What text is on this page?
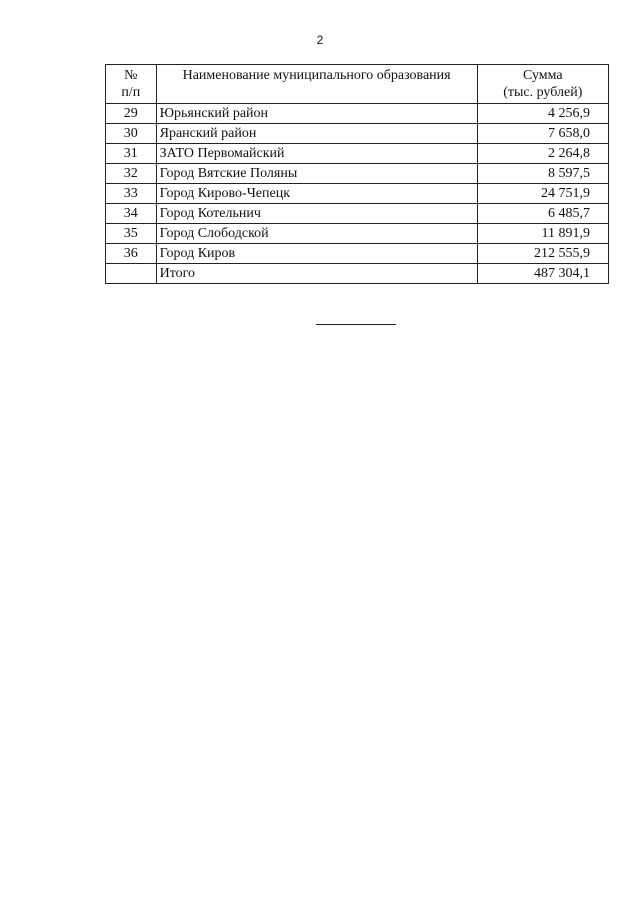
2
№
п/п	Наименование муниципального образования	Сумма
(тыс. рублей)

29	Юрьянский район	4 256,9
30	Яранский район	7 658,0
31	ЗАТО Первомайский	2 264,8
32	Город Вятские Поляны	8 597,5
33	Город Кирово-Чепецк	24 751,9
34	Город Котельнич	6 485,7
35	Город Слободской	11 891,9
36	Город Киров	212 555,9
	Итого	487 304,1
